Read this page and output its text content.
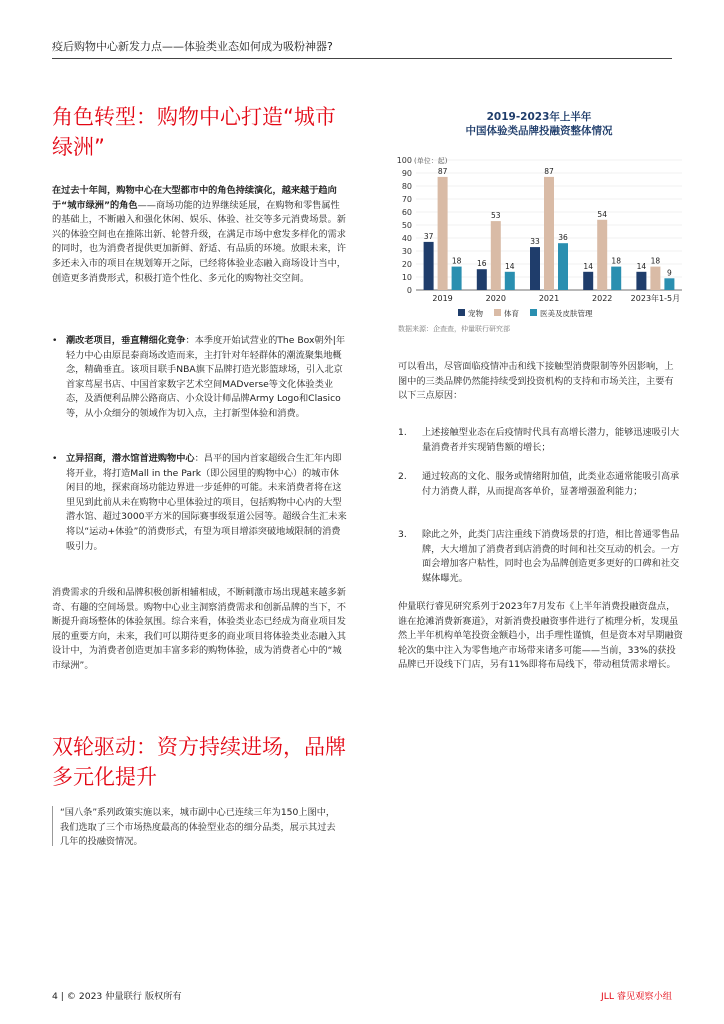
疫后购物中心新发力点——体验类业态如何成为吸粉神器?
角色转型：购物中心打造“城市绿洲”
在过去十年间，购物中心在大型都市中的角色持续演化，越来越于趋向于“城市绿洲”的角色——商场功能的边界继续延展，在购物和零售属性的基础上，不断融入和强化休闲、娱乐、体验、社交等多元消费场景。新兴的体验空间也在推陈出新、轮替升级，在满足市场中愈发多样化的需求的同时，也为消费者提供更加新鲜、舒适、有品质的环境。放眼未来，许多还未入市的项目在规划筹开之际，已经将体验业态融入商场设计当中，创造更多消费形式，积极打造个性化、多元化的购物社交空间。
• 潮改老项目，垂直精细化竞争：本季度开始试营业的The Box朝外|年轻力中心由原昆泰商场改造而来，主打针对年轻群体的潮流聚集地概念，精确垂直。该项目联手NBA旗下品牌打造光影篮球场，引入北京首家茑屋书店、中国首家数字艺术空间MADverse等文化体验类业态，及酒便利品牌公路商店、小众设计师品牌Army Logo和Clasico等，从小众细分的领域作为切入点，主打新型体验和消费。
• 立异招商，潜水馆首进购物中心：昌平的国内首家超级合生汇年内即将开业，将打造Mall in the Park（即公园里的购物中心）的城市休闲目的地，探索商场功能边界进一步延伸的可能。未来消费者将在这里见到此前从未在购物中心里体验过的项目，包括购物中心内的大型潜水馆、超过3000平方米的国际赛事级泵道公园等。超级合生汇未来将以“运动+体验”的消费形式，有望为项目增添突破地域限制的消费吸引力。
消费需求的升级和品牌积极创新相辅相成，不断刺激市场出现越来越多新奇、有趣的空间场景。购物中心业主洞察消费需求和创新品牌的当下，不断提升商场整体的体验氛围。综合来看，体验类业态已经成为商业项目发展的重要方向，未来，我们可以期待更多的商业项目将体验类业态融入其设计中，为消费者创造更加丰富多彩的购物体验，成为消费者心中的“城市绿洲”。
双轮驱动：资方持续进场，品牌多元化提升
“国八条”系列政策实施以来，城市副中心已连续三年为150上图中，我们选取了三个市场热度最高的体验型业态的细分品类，展示其过去几年的投融资情况。
2019-2023年上半年
中国体验类品牌投融资整体情况
0
10
20
30
40
50
60
70
80
90
100 (单位：起)
37
87
18
2019
16
53
14
2020
33
87
36
2021
14
54
18
2022
14
18
9
2023年1-5月
宠物	体育	医美及皮肤管理
数据来源：企查查，仲量联行研究部
可以看出，尽管面临疫情冲击和线下接触型消费限制等外因影响，上图中的三类品牌仍然能持续受到投资机构的支持和市场关注，主要有以下三点原因：
1. 上述接触型业态在后疫情时代具有高增长潜力，能够迅速吸引大量消费者并实现销售额的增长；
2. 通过较高的文化、服务或情绪附加值，此类业态通常能吸引高承付力消费人群，从而提高客单价，显著增强盈利能力；
3. 除此之外，此类门店注重线下消费场景的打造，相比普通零售品牌，大大增加了消费者到店消费的时间和社交互动的机会。一方面会增加客户粘性，同时也会为品牌创造更多更好的口碑和社交媒体曝光。
仲量联行睿见研究系列于2023年7月发布《上半年消费投融资盘点，谁在抢滩消费新赛道》，对新消费投融资事件进行了梳理分析，发现虽然上半年机构单笔投资金额趋小，出手理性谨慎，但是资本对早期融资轮次的集中注入为零售地产市场带来诸多可能——当前，33%的获投品牌已开设线下门店，另有11%即将布局线下，带动租赁需求增长。
4 | © 2023 仲量联行 版权所有	JLL 睿见观察小组
